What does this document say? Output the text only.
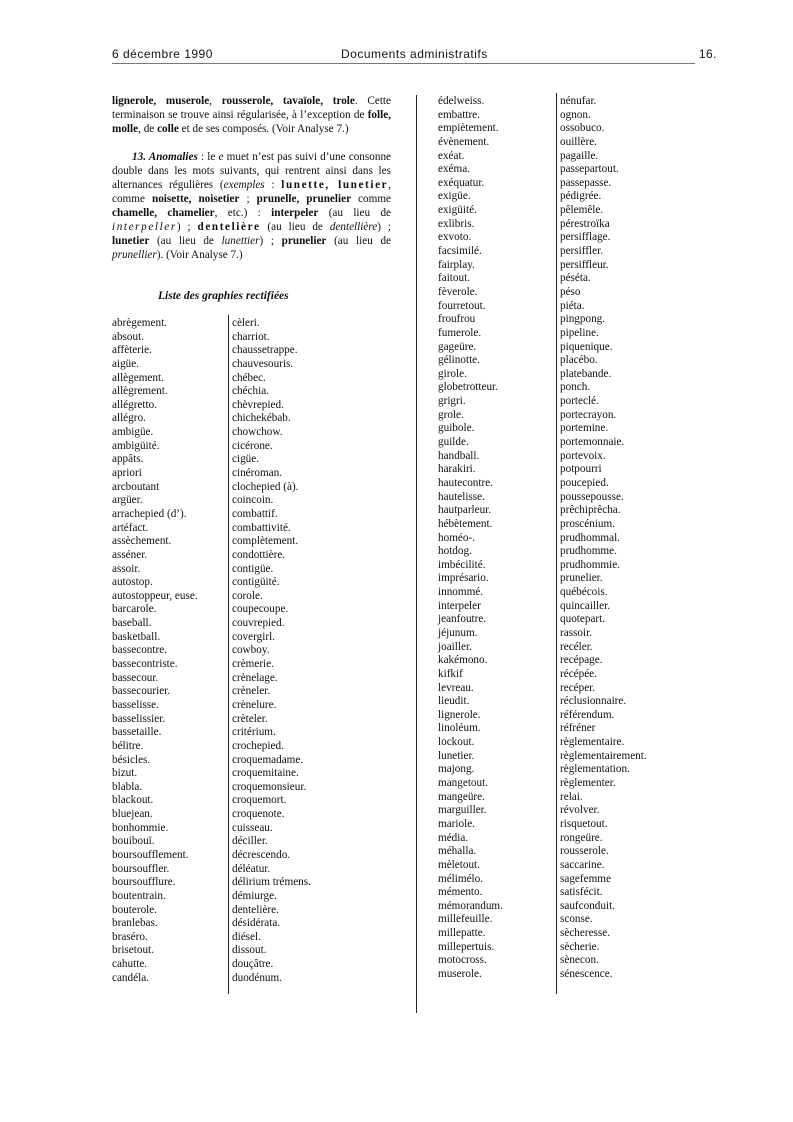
6 décembre 1990	Documents administratifs	16.

lignerole, muserole, rousserole, tavaïole, trole. Cette terminaison se trouve ainsi régularisée, à l’exception de folle, molle, de colle et de ses composés. (Voir Analyse 7.)

13. Anomalies : le e muet n’est pas suivi d’une consonne double dans les mots suivants, qui rentrent ainsi dans les alternances régulières (exemples : lunette, lunetier, comme noisette, noisetier ; prunelle, prunelier comme chamelle, chamelier, etc.) : interpeler (au lieu de interpeller) ; dentelière (au lieu de dentellière) ; lunetier (au lieu de lunettier) ; prunelier (au lieu de prunellier). (Voir Analyse 7.)

Liste des graphies rectifiées
abrègement.
absout.
affèterie.
aigüe.
allègement.
allègrement.
allégretto.
allégro.
ambigüe.
ambigüité.
appâts.
apriori
arcboutant
argüer.
arrachepied (d’).
artéfact.
assèchement.
asséner.
assoir.
autostop.
autostoppeur, euse.
barcarole.
baseball.
basketball.
bassecontre.
bassecontriste.
bassecour.
bassecourier.
basselisse.
basselissier.
bassetaille.
bélitre.
bésicles.
bizut.
blabla.
blackout.
bluejean.
bonhommie.
bouibouï.
boursoufflement.
boursouffler.
boursoufflure.
boutentrain.
bouterole.
branlebas.
braséro.
brisetout.
cahutte.
candéla.
cèleri.
charriot.
chaussetrappe.
chauvesouris.
chébec.
chéchia.
chèvrepied.
chichekébab.
chowchow.
cicérone.
cigüe.
cinéroman.
clochepied (à).
coincoin.
combattif.
combattivité.
complètement.
condottière.
contigüe.
contigüité.
corole.
coupecoupe.
couvrepied.
covergirl.
cowboy.
crèmerie.
crènelage.
crèneler.
crènelure.
crèteler.
critérium.
crochepied.
croquemadame.
croquemitaine.
croquemonsieur.
croquemort.
croquenote.
cuisseau.
déciller.
décrescendo.
déléatur.
délirium trémens.
démiurge.
dentelière.
désidérata.
diésel.
dissout.
douçâtre.
duodénum.
édelweiss.
embattre.
empiètement.
évènement.
exéat.
exéma.
exéquatur.
exigüe.
exigüité.
exlibris.
exvoto.
facsimilé.
fairplay.
faitout.
fèverole.
fourretout.
froufrou
fumerole.
gageüre.
gélinotte.
girole.
globetrotteur.
grigri.
grole.
guibole.
guilde.
handball.
harakiri.
hautecontre.
hautelisse.
hautparleur.
hébètement.
homéo-.
hotdog.
imbécilité.
imprésario.
innommé.
interpeler
jeanfoutre.
jéjunum.
joailler.
kakémono.
kifkif
levreau.
lieudit.
lignerole.
linoléum.
lockout.
lunetier.
majong.
mangetout.
mangeüre.
marguiller.
mariole.
média.
méhalla.
mèletout.
mélimélo.
mémento.
mémorandum.
millefeuille.
millepatte.
millepertuis.
motocross.
muserole.
nénufar.
ognon.
ossobuco.
ouillère.
pagaille.
passepartout.
passepasse.
pédigrée.
pêlemêle.
pérestroïka
persifflage.
persiffler.
persiffleur.
péséta.
péso
piéta.
pingpong.
pipeline.
piquenique.
placébo.
platebande.
ponch.
porteclé.
portecrayon.
portemine.
portemonnaie.
portevoix.
potpourri
poucepied.
poussepousse.
prêchiprêcha.
proscénium.
prudhommal.
prudhomme.
prudhommie.
prunelier.
québécois.
quincailler.
quotepart.
rassoir.
recéler.
recépage.
récépée.
recéper.
réclusionnaire.
référendum.
réfréner
règlementaire.
règlementairement.
règlementation.
règlementer.
relai.
révolver.
risquetout.
rongeüre.
rousserole.
saccarine.
sagefemme
satisfécit.
saufconduit.
sconse.
sècheresse.
sècherie.
sènecon.
sénescence.
